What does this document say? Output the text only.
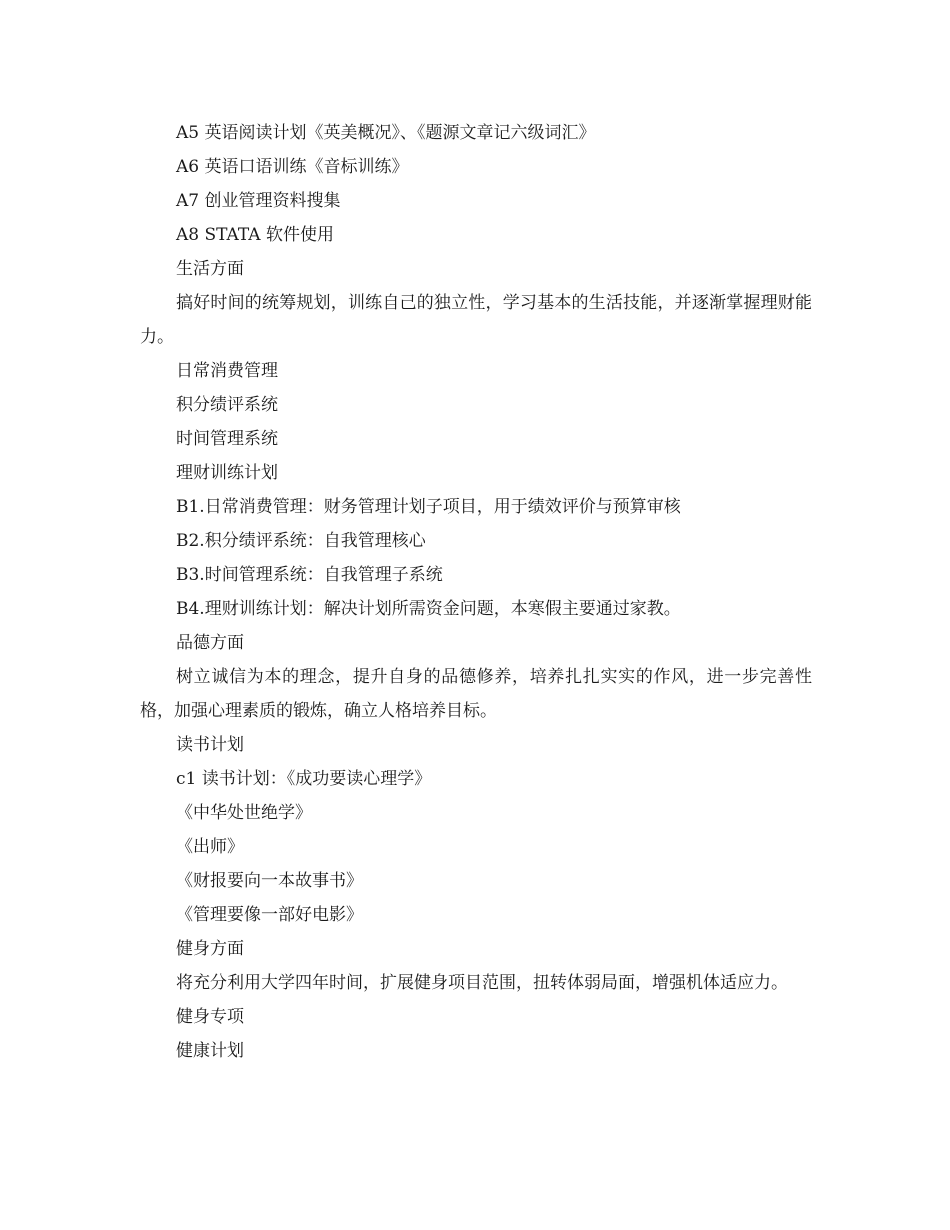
A5 英语阅读计划《英美概况》、《题源文章记六级词汇》
A6 英语口语训练《音标训练》
A7 创业管理资料搜集
A8 STATA 软件使用
生活方面
搞好时间的统筹规划，训练自己的独立性，学习基本的生活技能，并逐渐掌握理财能力。
日常消费管理
积分绩评系统
时间管理系统
理财训练计划
B1.日常消费管理：财务管理计划子项目，用于绩效评价与预算审核
B2.积分绩评系统：自我管理核心
B3.时间管理系统：自我管理子系统
B4.理财训练计划：解决计划所需资金问题，本寒假主要通过家教。
品德方面
树立诚信为本的理念，提升自身的品德修养，培养扎扎实实的作风，进一步完善性格，加强心理素质的锻炼，确立人格培养目标。
读书计划
c1 读书计划：《成功要读心理学》
《中华处世绝学》
《出师》
《财报要向一本故事书》
《管理要像一部好电影》
健身方面
将充分利用大学四年时间，扩展健身项目范围，扭转体弱局面，增强机体适应力。
健身专项
健康计划
